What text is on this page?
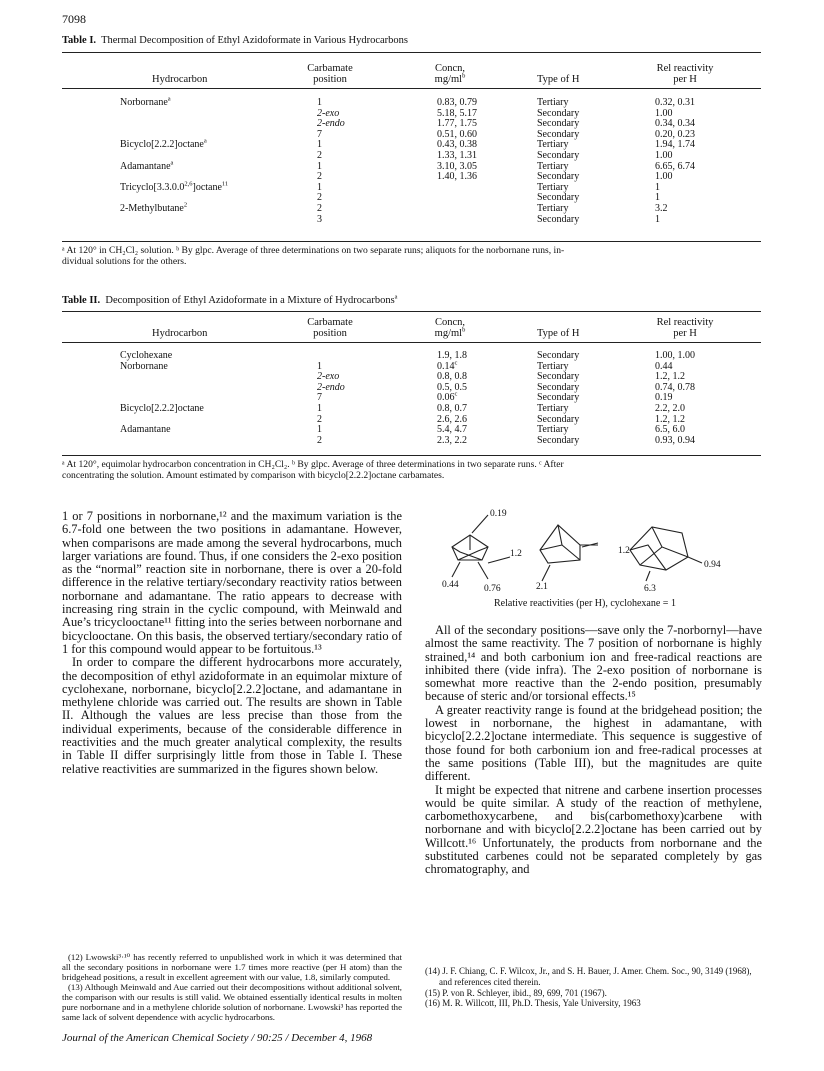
7098
Table I. Thermal Decomposition of Ethyl Azidoformate in Various Hydrocarbons
Hydrocarbon
Carbamate
position
Concn,
$mg/ml^b$	Type of H
Rel reactivity
per H
Norbornane$^a$	1	0.83, 0.79	Tertiary	0.32, 0.31
	2-exo	5.18, 5.17	Secondary	1.00
	2-endo	1.77, 1.75	Secondary	0.34, 0.34
	7	0.51, 0.60	Secondary	0.20, 0.23
Bicyclo[2.2.2]octane$^a$	1	0.43, 0.38	Tertiary	1.94, 1.74
	2	1.33, 1.31	Secondary	1.00
Adamantane$^a$	1	3.10, 3.05	Tertiary	6.65, 6.74
	2	1.40, 1.36	Secondary	1.00
Tricyclo[3.3.0.0$^{2,6}$]octane$^{11}$	1		Tertiary	1
	2		Secondary	1
2-Methylbutane$^2$	2		Tertiary	3.2
	3		Secondary	1
ᵃ At 120° in CH₂Cl₂ solution. ᵇ By glpc. Average of three determinations on two separate runs; aliquots for the norbornane runs, in-
dividual solutions for the others.
Table II. Decomposition of Ethyl Azidoformate in a Mixture of Hydrocarbons$^a$
Hydrocarbon
Carbamate
position
Concn,
$mg/ml^b$	Type of H
Rel reactivity
per H
Cyclohexane		1.9, 1.8	Secondary	1.00, 1.00
Norbornane	1	0.14$^c$	Tertiary	0.44
	2-exo	0.8, 0.8	Secondary	1.2, 1.2
	2-endo	0.5, 0.5	Secondary	0.74, 0.78
	7	0.06$^c$	Secondary	0.19
Bicyclo[2.2.2]octane	1	0.8, 0.7	Tertiary	2.2, 2.0
	2	2.6, 2.6	Secondary	1.2, 1.2
Adamantane	1	5.4, 4.7	Tertiary	6.5, 6.0
	2	2.3, 2.2	Secondary	0.93, 0.94
ᵃ At 120°, equimolar hydrocarbon concentration in CH₂Cl₂. ᵇ By glpc. Average of three determinations in two separate runs. ᶜ After
concentrating the solution. Amount estimated by comparison with bicyclo[2.2.2]octane carbamates.

1 or 7 positions in norbornane,¹² and the maximum variation is the 6.7-fold one between the two positions in adamantane. However, when comparisons are made among the several hydrocarbons, much larger variations are found. Thus, if one considers the 2-exo position as the “normal” reaction site in norbornane, there is over a 20-fold difference in the relative tertiary/secondary reactivity ratios between norbornane and adamantane. The ratio appears to decrease with increasing ring strain in the cyclic compound, with Meinwald and Aue’s tricyclooctane¹¹ fitting into the series between norbornane and bicyclooctane. On this basis, the observed tertiary/secondary ratio of 1 for this compound would appear to be fortuitous.¹³

In order to compare the different hydrocarbons more accurately, the decomposition of ethyl azidoformate in an equimolar mixture of cyclohexane, norbornane, bicyclo[2.2.2]octane, and adamantane in methylene chloride was carried out. The results are shown in Table II. Although the values are less precise than those from the individual experiments, because of the considerable difference in reactivities and the much greater analytical complexity, the results in Table II differ surprisingly little from those in Table I. These relative reactivities are summarized in the figures shown below.

(12) Lwowski³·¹⁰ has recently referred to unpublished work in which it was determined that all the secondary positions in norbornane were 1.7 times more reactive (per H atom) than the bridgehead positions, a result in excellent agreement with our value, 1.8, similarly computed.

(13) Although Meinwald and Aue carried out their decompositions without additional solvent, the comparison with our results is still valid. We obtained essentially identical results in molten pure norbornane and in a methylene chloride solution of norbornane. Lwowski³ has reported the same lack of solvent dependence with acyclic hydrocarbons.

0.19
1.2	1.2
0.94
0.44	0.76	2.1	6.3
Relative reactivities (per H), cyclohexane = 1

All of the secondary positions—save only the 7-norbornyl—have almost the same reactivity. The 7 position of norbornane is highly strained,¹⁴ and both carbonium ion and free-radical reactions are inhibited there (vide infra). The 2-exo position of norbornane is somewhat more reactive than the 2-endo position, presumably because of steric and/or torsional effects.¹⁵

A greater reactivity range is found at the bridgehead position; the lowest in norbornane, the highest in adamantane, with bicyclo[2.2.2]octane intermediate. This sequence is suggestive of those found for both carbonium ion and free-radical processes at the same positions (Table III), but the magnitudes are quite different.

It might be expected that nitrene and carbene insertion processes would be quite similar. A study of the reaction of methylene, carbomethoxycarbene, and bis(carbomethoxy)carbene with norbornane and with bicyclo[2.2.2]octane has been carried out by Willcott.¹⁶ Unfortunately, the products from norbornane and the substituted carbenes could not be separated completely by gas chromatography, and

(14) J. F. Chiang, C. F. Wilcox, Jr., and S. H. Bauer, J. Amer. Chem. Soc., 90, 3149 (1968), and references cited therein.

(15) P. von R. Schleyer, ibid., 89, 699, 701 (1967).

(16) M. R. Willcott, III, Ph.D. Thesis, Yale University, 1963

Journal of the American Chemical Society / 90:25 / December 4, 1968
